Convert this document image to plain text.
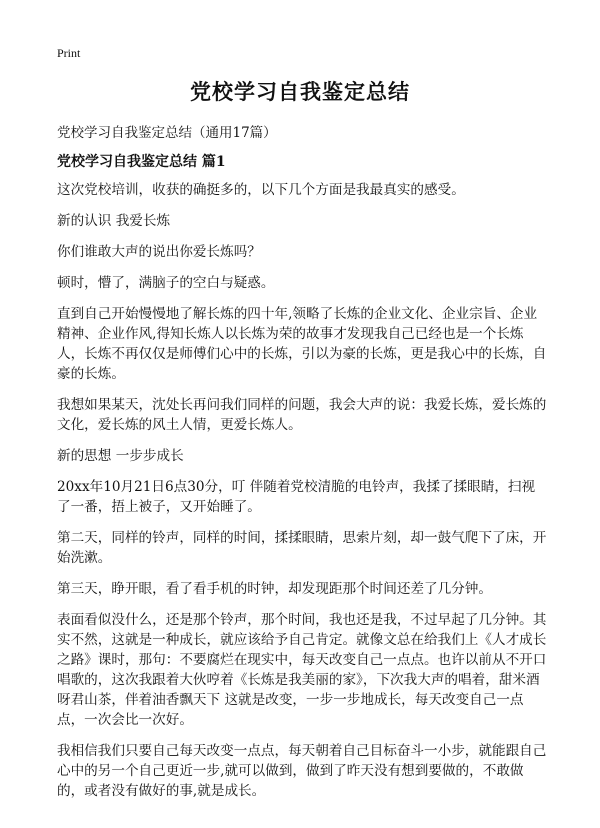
Print
党校学习自我鉴定总结
党校学习自我鉴定总结（通用17篇）
党校学习自我鉴定总结 篇1

这次党校培训，收获的确挺多的，以下几个方面是我最真实的感受。

新的认识 我爱长炼

你们谁敢大声的说出你爱长炼吗？

顿时，懵了，满脑子的空白与疑惑。

直到自己开始慢慢地了解长炼的四十年,领略了长炼的企业文化、企业宗旨、企业精神、企业作风,得知长炼人以长炼为荣的故事才发现我自己已经也是一个长炼人，长炼不再仅仅是师傅们心中的长炼，引以为豪的长炼，更是我心中的长炼，自豪的长炼。

我想如果某天，沈处长再问我们同样的问题，我会大声的说：我爱长炼，爱长炼的文化，爱长炼的风土人情，更爱长炼人。

新的思想 一步步成长

20xx年10月21日6点30分，叮 伴随着党校清脆的电铃声，我揉了揉眼睛，扫视了一番，捂上被子，又开始睡了。

第二天，同样的铃声，同样的时间，揉揉眼睛，思索片刻，却一鼓气爬下了床，开始洗漱。

第三天，睁开眼，看了看手机的时钟，却发现距那个时间还差了几分钟。

表面看似没什么，还是那个铃声，那个时间，我也还是我，不过早起了几分钟。其实不然，这就是一种成长，就应该给予自己肯定。就像文总在给我们上《人才成长之路》课时，那句：不要腐烂在现实中，每天改变自己一点点。也许以前从不开口唱歌的，这次我跟着大伙哼着《长炼是我美丽的家》，下次我大声的唱着，甜米酒呀君山茶，伴着油香飘天下 这就是改变，一步一步地成长，每天改变自己一点点，一次会比一次好。

我相信我们只要自己每天改变一点点，每天朝着自己目标奋斗一小步，就能跟自己心中的另一个自己更近一步,就可以做到，做到了昨天没有想到要做的，不敢做的，或者没有做好的事,就是成长。
